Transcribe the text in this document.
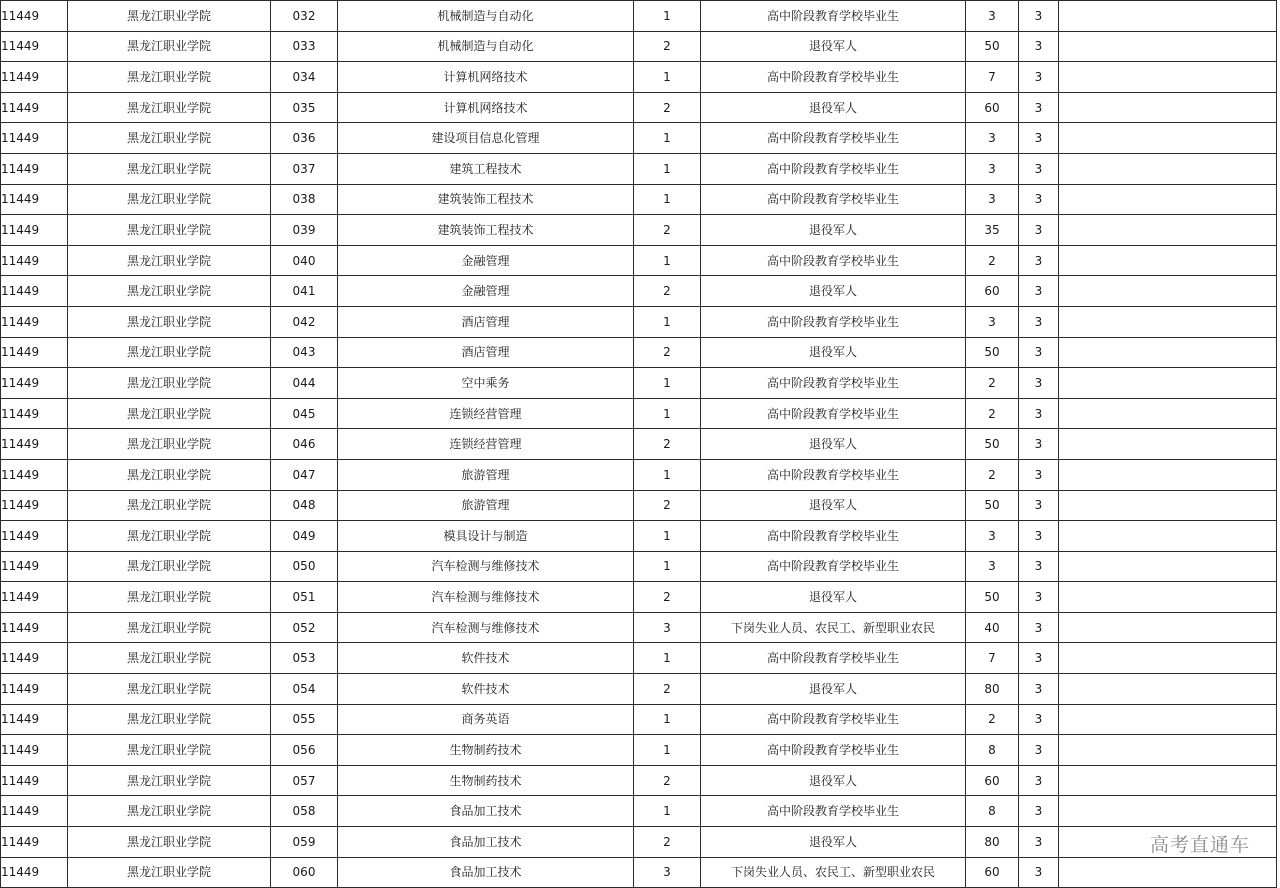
11449	黑龙江职业学院	032	机械制造与自动化	1	高中阶段教育学校毕业生	3	3	
11449	黑龙江职业学院	033	机械制造与自动化	2	退役军人	50	3	
11449	黑龙江职业学院	034	计算机网络技术	1	高中阶段教育学校毕业生	7	3	
11449	黑龙江职业学院	035	计算机网络技术	2	退役军人	60	3	
11449	黑龙江职业学院	036	建设项目信息化管理	1	高中阶段教育学校毕业生	3	3	
11449	黑龙江职业学院	037	建筑工程技术	1	高中阶段教育学校毕业生	3	3	
11449	黑龙江职业学院	038	建筑装饰工程技术	1	高中阶段教育学校毕业生	3	3	
11449	黑龙江职业学院	039	建筑装饰工程技术	2	退役军人	35	3	
11449	黑龙江职业学院	040	金融管理	1	高中阶段教育学校毕业生	2	3	
11449	黑龙江职业学院	041	金融管理	2	退役军人	60	3	
11449	黑龙江职业学院	042	酒店管理	1	高中阶段教育学校毕业生	3	3	
11449	黑龙江职业学院	043	酒店管理	2	退役军人	50	3	
11449	黑龙江职业学院	044	空中乘务	1	高中阶段教育学校毕业生	2	3	
11449	黑龙江职业学院	045	连锁经营管理	1	高中阶段教育学校毕业生	2	3	
11449	黑龙江职业学院	046	连锁经营管理	2	退役军人	50	3	
11449	黑龙江职业学院	047	旅游管理	1	高中阶段教育学校毕业生	2	3	
11449	黑龙江职业学院	048	旅游管理	2	退役军人	50	3	
11449	黑龙江职业学院	049	模具设计与制造	1	高中阶段教育学校毕业生	3	3	
11449	黑龙江职业学院	050	汽车检测与维修技术	1	高中阶段教育学校毕业生	3	3	
11449	黑龙江职业学院	051	汽车检测与维修技术	2	退役军人	50	3	
11449	黑龙江职业学院	052	汽车检测与维修技术	3	下岗失业人员、农民工、新型职业农民	40	3	
11449	黑龙江职业学院	053	软件技术	1	高中阶段教育学校毕业生	7	3	
11449	黑龙江职业学院	054	软件技术	2	退役军人	80	3	
11449	黑龙江职业学院	055	商务英语	1	高中阶段教育学校毕业生	2	3	
11449	黑龙江职业学院	056	生物制药技术	1	高中阶段教育学校毕业生	8	3	
11449	黑龙江职业学院	057	生物制药技术	2	退役军人	60	3	
11449	黑龙江职业学院	058	食品加工技术	1	高中阶段教育学校毕业生	8	3	
11449	黑龙江职业学院	059	食品加工技术	2	退役军人	80	3	
11449	黑龙江职业学院	060	食品加工技术	3	下岗失业人员、农民工、新型职业农民	60	3	
高考直通车
